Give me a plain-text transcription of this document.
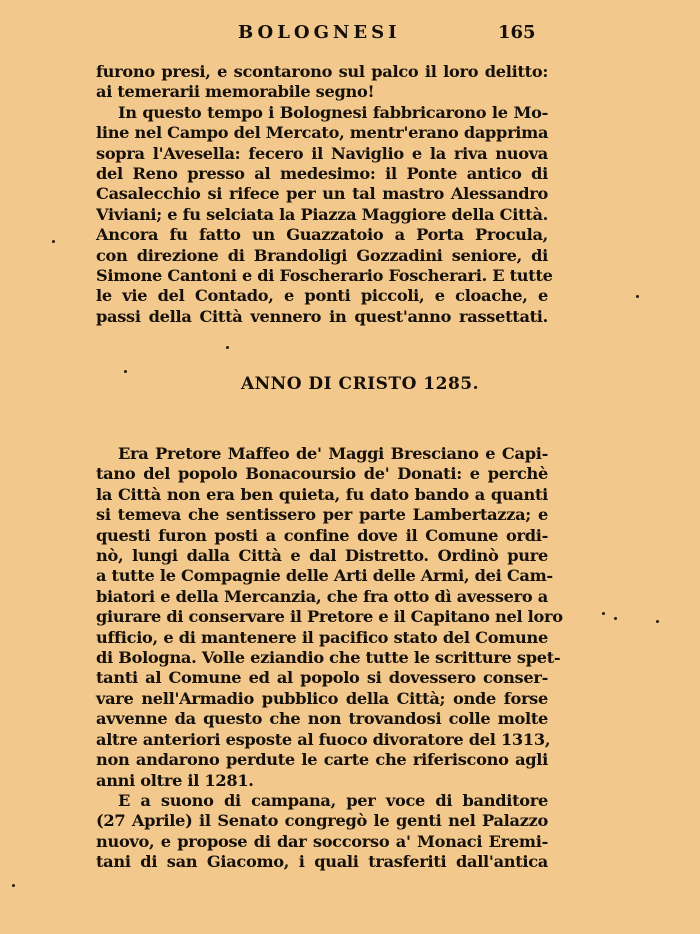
BOLOGNESI	165
furono presi, e scontarono sul palco il loro delitto:
ai temerarii memorabile segno!
In questo tempo i Bolognesi fabbricarono le Mo-
line nel Campo del Mercato, mentr'erano dapprima
sopra l'Avesella: fecero il Naviglio e la riva nuova
del Reno presso al medesimo: il Ponte antico di
Casalecchio si rifece per un tal mastro Alessandro
Viviani; e fu selciata la Piazza Maggiore della Città.
Ancora fu fatto un Guazzatoio a Porta Procula,
con direzione di Brandoligi Gozzadini seniore, di
Simone Cantoni e di Foscherario Foscherari. E tutte
le vie del Contado, e ponti piccoli, e cloache, e
passi della Città vennero in quest'anno rassettati.
ANNO DI CRISTO 1285.
Era Pretore Maffeo de' Maggi Bresciano e Capi-
tano del popolo Bonacoursio de' Donati: e perchè
la Città non era ben quieta, fu dato bando a quanti
si temeva che sentissero per parte Lambertazza; e
questi furon posti a confine dove il Comune ordi-
nò, lungi dalla Città e dal Distretto. Ordinò pure
a tutte le Compagnie delle Arti delle Armi, dei Cam-
biatori e della Mercanzia, che fra otto dì avessero a
giurare di conservare il Pretore e il Capitano nel loro
ufficio, e di mantenere il pacifico stato del Comune
di Bologna. Volle eziandio che tutte le scritture spet-
tanti al Comune ed al popolo si dovessero conser-
vare nell'Armadio pubblico della Città; onde forse
avvenne da questo che non trovandosi colle molte
altre anteriori esposte al fuoco divoratore del 1313,
non andarono perdute le carte che riferiscono agli
anni oltre il 1281.
E a suono di campana, per voce di banditore
(27 Aprile) il Senato congregò le genti nel Palazzo
nuovo, e propose di dar soccorso a' Monaci Eremi-
tani di san Giacomo, i quali trasferiti dall'antica
